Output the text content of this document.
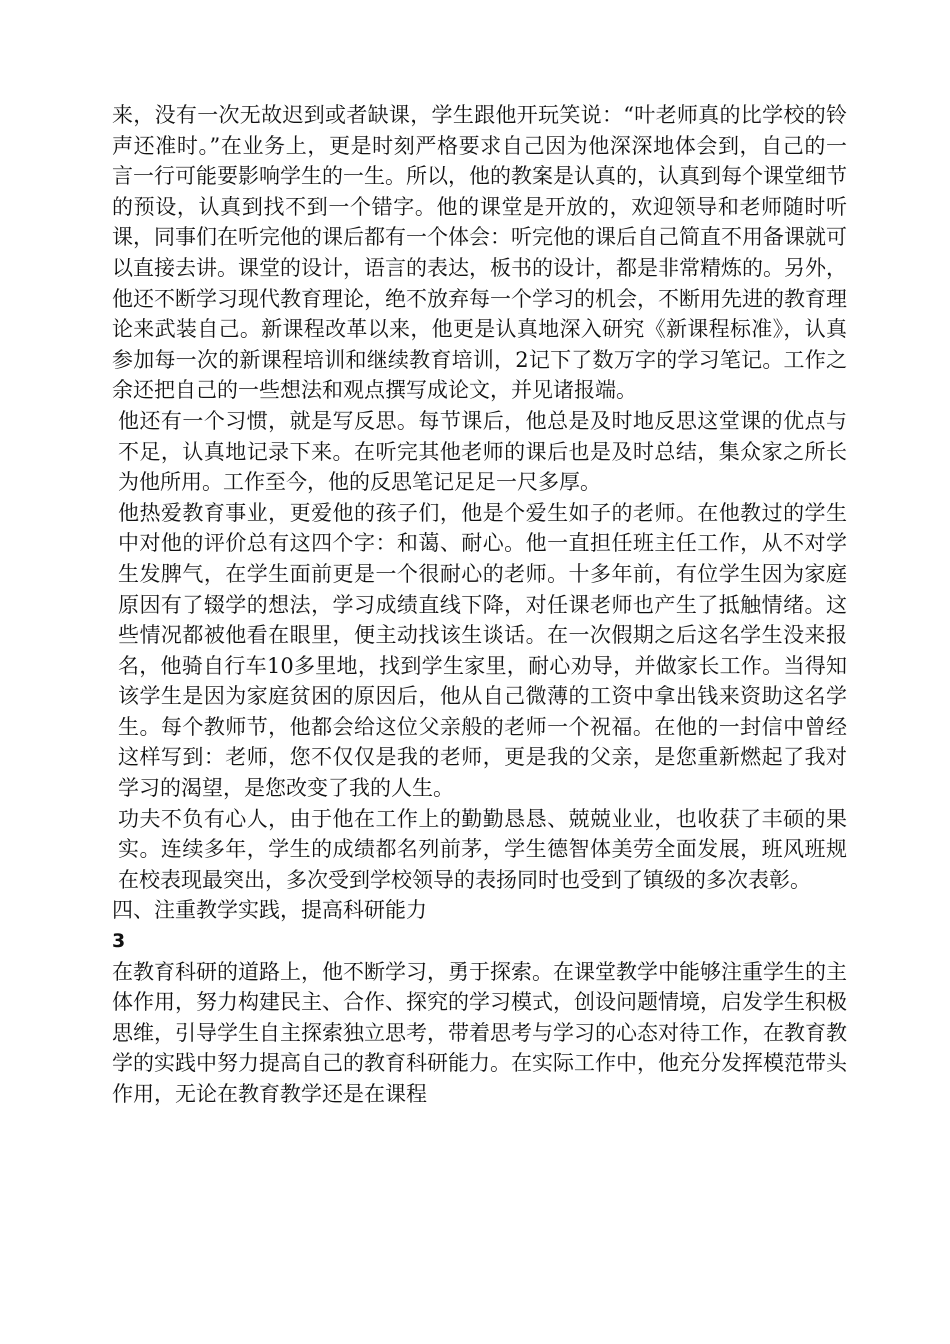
来，没有一次无故迟到或者缺课，学生跟他开玩笑说：“叶老师真的比学校的铃声还准时。”在业务上，更是时刻严格要求自己因为他深深地体会到，自己的一言一行可能要影响学生的一生。所以，他的教案是认真的，认真到每个课堂细节的预设，认真到找不到一个错字。他的课堂是开放的，欢迎领导和老师随时听课，同事们在听完他的课后都有一个体会：听完他的课后自己简直不用备课就可以直接去讲。课堂的设计，语言的表达，板书的设计，都是非常精炼的。另外，他还不断学习现代教育理论，绝不放弃每一个学习的机会，不断用先进的教育理论来武装自己。新课程改革以来，他更是认真地深入研究《新课程标准》，认真参加每一次的新课程培训和继续教育培训，2记下了数万字的学习笔记。工作之余还把自己的一些想法和观点撰写成论文，并见诸报端。

他还有一个习惯，就是写反思。每节课后，他总是及时地反思这堂课的优点与不足，认真地记录下来。在听完其他老师的课后也是及时总结，集众家之所长为他所用。工作至今，他的反思笔记足足一尺多厚。

他热爱教育事业，更爱他的孩子们，他是个爱生如子的老师。在他教过的学生中对他的评价总有这四个字：和蔼、耐心。他一直担任班主任工作，从不对学生发脾气，在学生面前更是一个很耐心的老师。十多年前，有位学生因为家庭原因有了辍学的想法，学习成绩直线下降，对任课老师也产生了抵触情绪。这些情况都被他看在眼里，便主动找该生谈话。在一次假期之后这名学生没来报名，他骑自行车10多里地，找到学生家里，耐心劝导，并做家长工作。当得知该学生是因为家庭贫困的原因后，他从自己微薄的工资中拿出钱来资助这名学生。每个教师节，他都会给这位父亲般的老师一个祝福。在他的一封信中曾经这样写到：老师，您不仅仅是我的老师，更是我的父亲，是您重新燃起了我对学习的渴望，是您改变了我的人生。

功夫不负有心人，由于他在工作上的勤勤恳恳、兢兢业业，也收获了丰硕的果实。连续多年，学生的成绩都名列前茅，学生德智体美劳全面发展，班风班规在校表现最突出，多次受到学校领导的表扬同时也受到了镇级的多次表彰。

四、注重教学实践，提高科研能力

3

在教育科研的道路上，他不断学习，勇于探索。在课堂教学中能够注重学生的主体作用，努力构建民主、合作、探究的学习模式，创设问题情境，启发学生积极思维，引导学生自主探索独立思考，带着思考与学习的心态对待工作，在教育教学的实践中努力提高自己的教育科研能力。在实际工作中，他充分发挥模范带头作用，无论在教育教学还是在课程
